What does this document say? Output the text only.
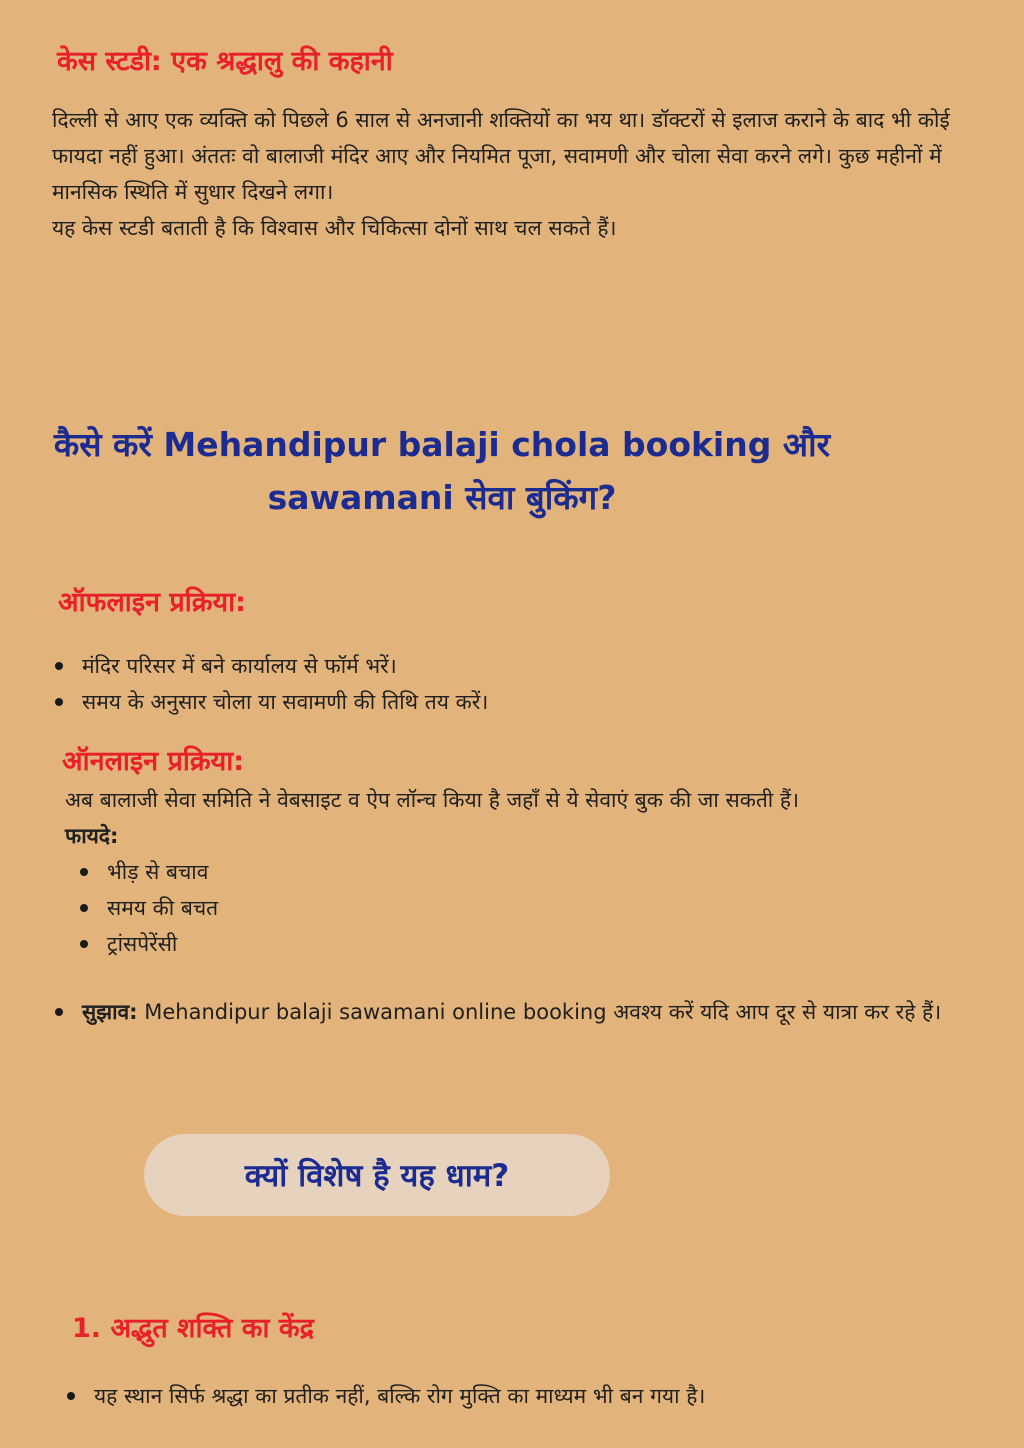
केस स्टडी: एक श्रद्धालु की कहानी

दिल्ली से आए एक व्यक्ति को पिछले 6 साल से अनजानी शक्तियों का भय था। डॉक्टरों से इलाज कराने के बाद भी कोई फायदा नहीं हुआ। अंततः वो बालाजी मंदिर आए और नियमित पूजा, सवामणी और चोला सेवा करने लगे। कुछ महीनों में मानसिक स्थिति में सुधार दिखने लगा।

यह केस स्टडी बताती है कि विश्वास और चिकित्सा दोनों साथ चल सकते हैं।

कैसे करें Mehandipur balaji chola booking और
sawamani सेवा बुकिंग?
ऑफलाइन प्रक्रिया:
मंदिर परिसर में बने कार्यालय से फॉर्म भरें।
समय के अनुसार चोला या सवामणी की तिथि तय करें।
ऑनलाइन प्रक्रिया:

अब बालाजी सेवा समिति ने वेबसाइट व ऐप लॉन्च किया है जहाँ से ये सेवाएं बुक की जा सकती हैं।

फायदे:

भीड़ से बचाव
समय की बचत
ट्रांसपेरेंसी
सुझाव: Mehandipur balaji sawamani online booking अवश्य करें यदि आप दूर से यात्रा कर रहे हैं।
क्यों विशेष है यह धाम?
1. अद्भुत शक्ति का केंद्र
यह स्थान सिर्फ श्रद्धा का प्रतीक नहीं, बल्कि रोग मुक्ति का माध्यम भी बन गया है।
